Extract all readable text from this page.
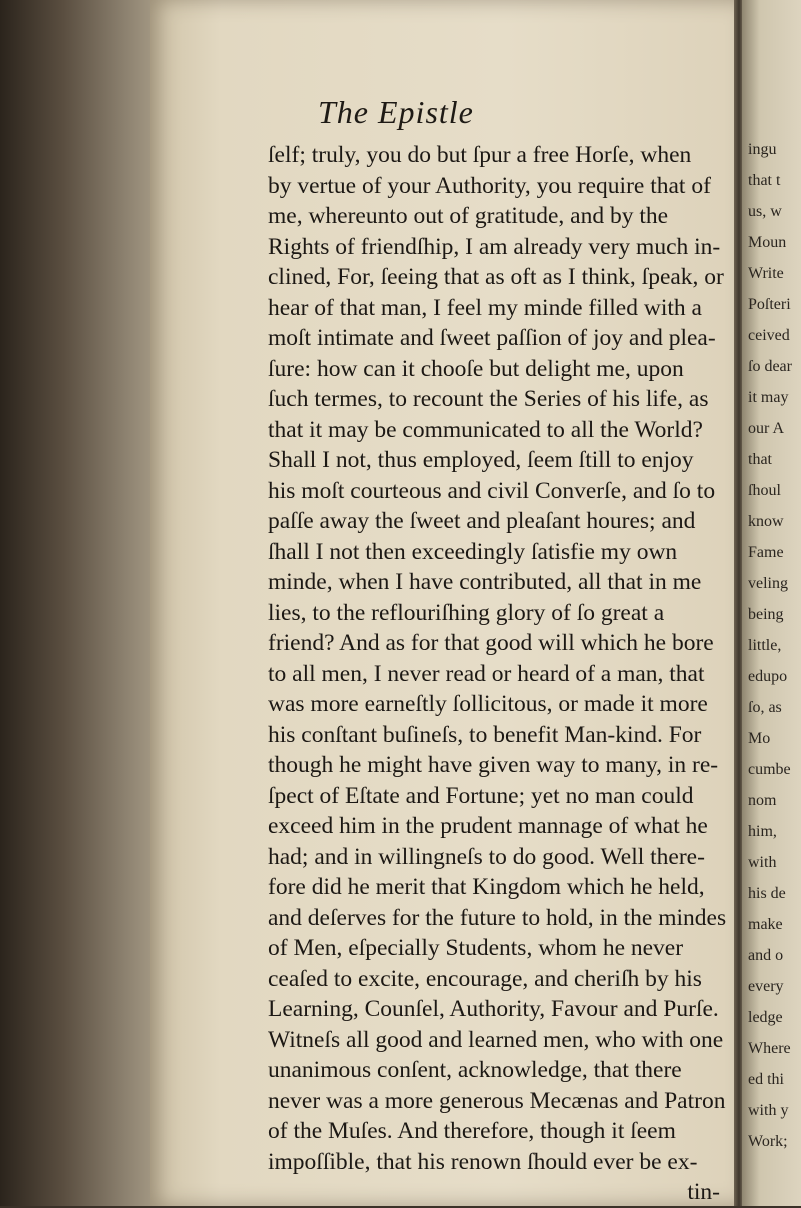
The Epistle
ſelf; truly, you do but ſpur a free Horſe, when
by vertue of your Authority, you require that of
me, whereunto out of gratitude, and by the
Rights of friendſhip, I am already very much in-
clined, For, ſeeing that as oft as I think, ſpeak, or
hear of that man, I feel my minde filled with a
moſt intimate and ſweet paſſion of joy and plea-
ſure: how can it chooſe but delight me, upon
ſuch termes, to recount the Series of his life, as
that it may be communicated to all the World?
Shall I not, thus employed, ſeem ſtill to enjoy
his moſt courteous and civil Converſe, and ſo to
paſſe away the ſweet and pleaſant houres; and
ſhall I not then exceedingly ſatisfie my own
minde, when I have contributed, all that in me
lies, to the reflouriſhing glory of ſo great a
friend? And as for that good will which he bore
to all men, I never read or heard of a man, that
was more earneſtly ſollicitous, or made it more
his conſtant buſineſs, to benefit Man-kind. For
though he might have given way to many, in re-
ſpect of Eſtate and Fortune; yet no man could
exceed him in the prudent mannage of what he
had; and in willingneſs to do good. Well there-
fore did he merit that Kingdom which he held,
and deſerves for the future to hold, in the mindes
of Men, eſpecially Students, whom he never
ceaſed to excite, encourage, and cheriſh by his
Learning, Counſel, Authority, Favour and Purſe.
Witneſs all good and learned men, who with one
unanimous conſent, acknowledge, that there
never was a more generous Mecænas and Patron
of the Muſes. And therefore, though it ſeem
impoſſible, that his renown ſhould ever be ex-
tin-
ingu
that t
us, w
Moun
Write
Poſteri
ceived
ſo dear
it may
our A
that
ſhoul
know
Fame
veling
being
little,
edupo
ſo, as
Mo
cumbe
nom
him,
with
his de
make
and o
every
ledge
Where
ed thi
with y
Work;
